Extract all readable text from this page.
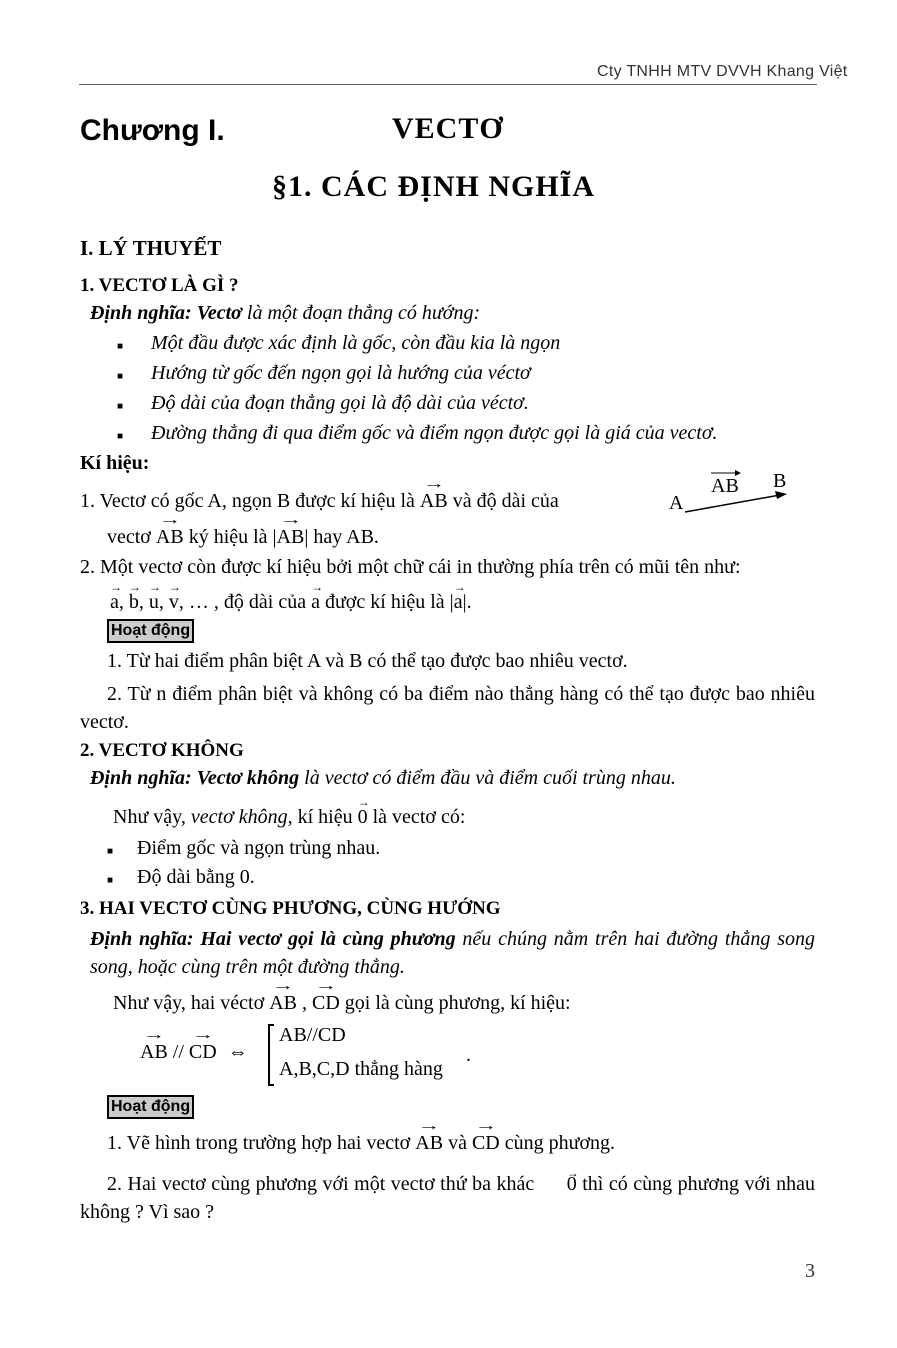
Cty TNHH MTV DVVH Khang Việt
Chương I.	VECTƠ
§1. CÁC ĐỊNH NGHĨA
I. LÝ THUYẾT
1. VECTƠ LÀ GÌ ?
Định nghĩa: Vectơ là một đoạn thẳng có hướng:
■ Một đầu được xác định là gốc, còn đầu kia là ngọn
■ Hướng từ gốc đến ngọn gọi là hướng của véctơ
■ Độ dài của đoạn thẳng gọi là độ dài của véctơ.
■ Đường thẳng đi qua điểm gốc và điểm ngọn được gọi là giá của vectơ.
Kí hiệu:
1. Vectơ có gốc A, ngọn B được kí hiệu là → AB và độ dài của
vectơ → AB ký hiệu là |→ AB| hay AB.
A
B
AB
2. Một vectơ còn được kí hiệu bởi một chữ cái in thường phía trên có mũi tên như:
→ a, → b, → u, → v, … , độ dài của → a được kí hiệu là |→ a|.
Hoạt động
1. Từ hai điểm phân biệt A và B có thể tạo được bao nhiêu vectơ.
2. Từ n điểm phân biệt và không có ba điểm nào thẳng hàng có thể tạo được bao nhiêu vectơ.
2. VECTƠ KHÔNG
Định nghĩa: Vectơ không là vectơ có điểm đầu và điểm cuối trùng nhau.
Như vậy, vectơ không, kí hiệu → 0 là vectơ có:
■ Điểm gốc và ngọn trùng nhau.
■ Độ dài bằng 0.
3. HAI VECTƠ CÙNG PHƯƠNG, CÙNG HƯỚNG
Định nghĩa: Hai vectơ gọi là cùng phương nếu chúng nằm trên hai đường thẳng song song, hoặc cùng trên một đường thẳng.
Như vậy, hai véctơ → AB , → CD gọi là cùng phương, kí hiệu:
→ AB // → CD ⇔
AB//CD
A,B,C,D thẳng hàng
.
Hoạt động
1. Vẽ hình trong trường hợp hai vectơ → AB và → CD cùng phương.
2. Hai vectơ cùng phương với một vectơ thứ ba khác → 0 thì có cùng phương với nhau không ? Vì sao ?
3
